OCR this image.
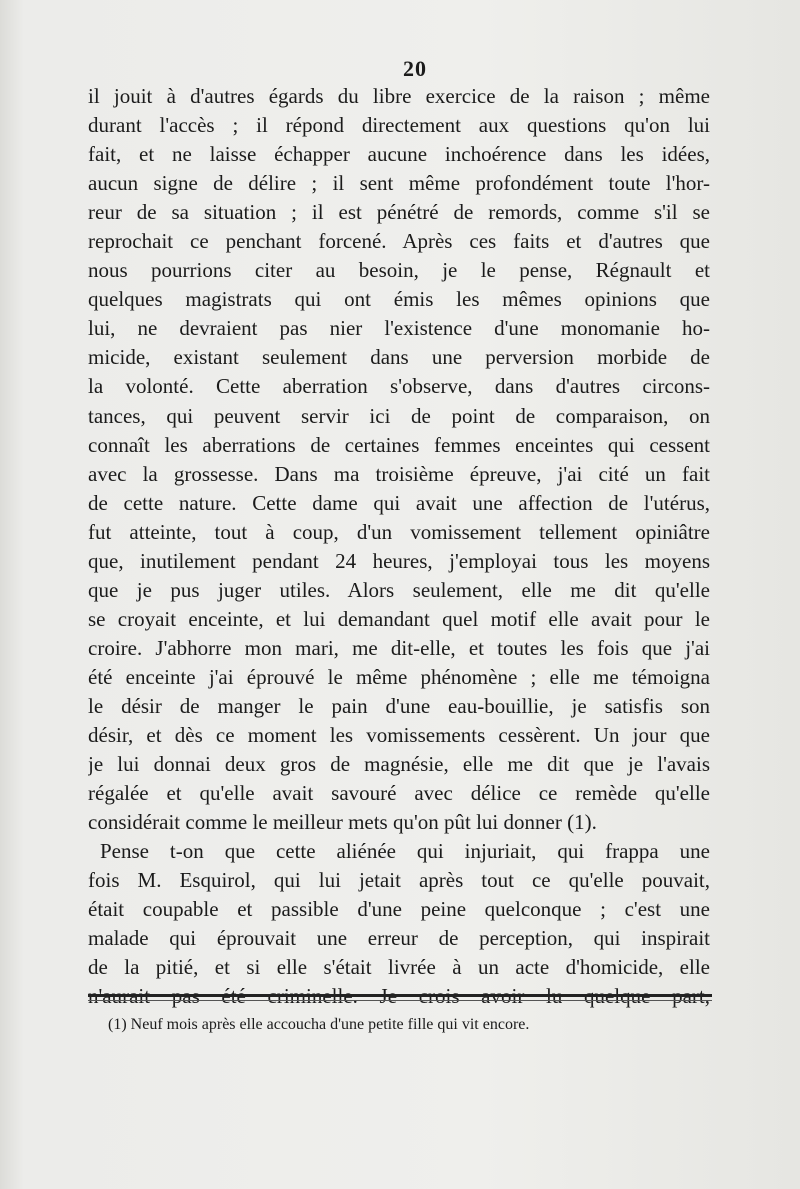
20
il jouit à d'autres égards du libre exercice de la raison ; même
durant l'accès ; il répond directement aux questions qu'on lui
fait, et ne laisse échapper aucune inchoérence dans les idées,
aucun signe de délire ; il sent même profondément toute l'hor-
reur de sa situation ; il est pénétré de remords, comme s'il se
reprochait ce penchant forcené. Après ces faits et d'autres que
nous pourrions citer au besoin, je le pense, Régnault et
quelques magistrats qui ont émis les mêmes opinions que
lui, ne devraient pas nier l'existence d'une monomanie ho-
micide, existant seulement dans une perversion morbide de
la volonté. Cette aberration s'observe, dans d'autres circons-
tances, qui peuvent servir ici de point de comparaison, on
connaît les aberrations de certaines femmes enceintes qui cessent
avec la grossesse. Dans ma troisième épreuve, j'ai cité un fait
de cette nature. Cette dame qui avait une affection de l'utérus,
fut atteinte, tout à coup, d'un vomissement tellement opiniâtre
que, inutilement pendant 24 heures, j'employai tous les moyens
que je pus juger utiles. Alors seulement, elle me dit qu'elle
se croyait enceinte, et lui demandant quel motif elle avait pour le
croire. J'abhorre mon mari, me dit-elle, et toutes les fois que j'ai
été enceinte j'ai éprouvé le même phénomène ; elle me témoigna
le désir de manger le pain d'une eau-bouillie, je satisfis son
désir, et dès ce moment les vomissements cessèrent. Un jour que
je lui donnai deux gros de magnésie, elle me dit que je l'avais
régalée et qu'elle avait savouré avec délice ce remède qu'elle
considérait comme le meilleur mets qu'on pût lui donner (1).
Pense t-on que cette aliénée qui injuriait, qui frappa une
fois M. Esquirol, qui lui jetait après tout ce qu'elle pouvait,
était coupable et passible d'une peine quelconque ; c'est une
malade qui éprouvait une erreur de perception, qui inspirait
de la pitié, et si elle s'était livrée à un acte d'homicide, elle
(1) Neuf mois après elle accoucha d'une petite fille qui vit encore.
